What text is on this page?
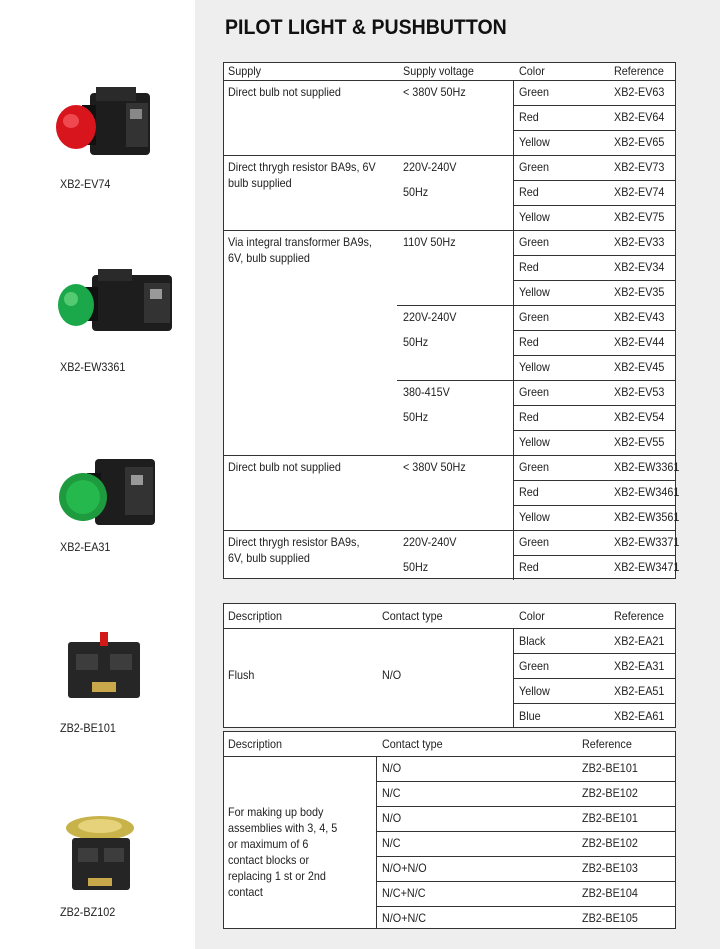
PILOT LIGHT & PUSHBUTTON
XB2-EV74
XB2-EW3361
XB2-EA31
ZB2-BE101
ZB2-BZ102
Supply	Supply voltage	Color	Reference
Direct bulb not supplied	< 380V 50Hz	Green	XB2-EV63
Red	XB2-EV64
Yellow	XB2-EV65
Direct thrygh resistor BA9s, 6V bulb supplied
220V-240V	Green	XB2-EV73
50Hz	Red	XB2-EV74
Yellow	XB2-EV75
Via integral transformer BA9s, 6V, bulb supplied
110V 50Hz	Green	XB2-EV33
Red	XB2-EV34
Yellow	XB2-EV35
220V-240V	Green	XB2-EV43
50Hz	Red	XB2-EV44
Yellow	XB2-EV45
380-415V	Green	XB2-EV53
50Hz	Red	XB2-EV54
Yellow	XB2-EV55
Direct bulb not supplied	< 380V 50Hz	Green	XB2-EW3361
Red	XB2-EW3461
Yellow	XB2-EW3561
Direct thrygh resistor BA9s, 6V, bulb supplied
220V-240V	Green	XB2-EW3371
50Hz	Red	XB2-EW3471
Description	Contact type	Color	Reference
Flush	N/O
Black	XB2-EA21
Green	XB2-EA31
Yellow	XB2-EA51
Blue	XB2-EA61
Description	Contact type	Reference
For making up body assemblies with 3, 4, 5 or maximum of 6 contact blocks or replacing 1 st or 2nd contact
N/O	ZB2-BE101
N/C	ZB2-BE102
N/O	ZB2-BE101
N/C	ZB2-BE102
N/O+N/O	ZB2-BE103
N/C+N/C	ZB2-BE104
N/O+N/C	ZB2-BE105
